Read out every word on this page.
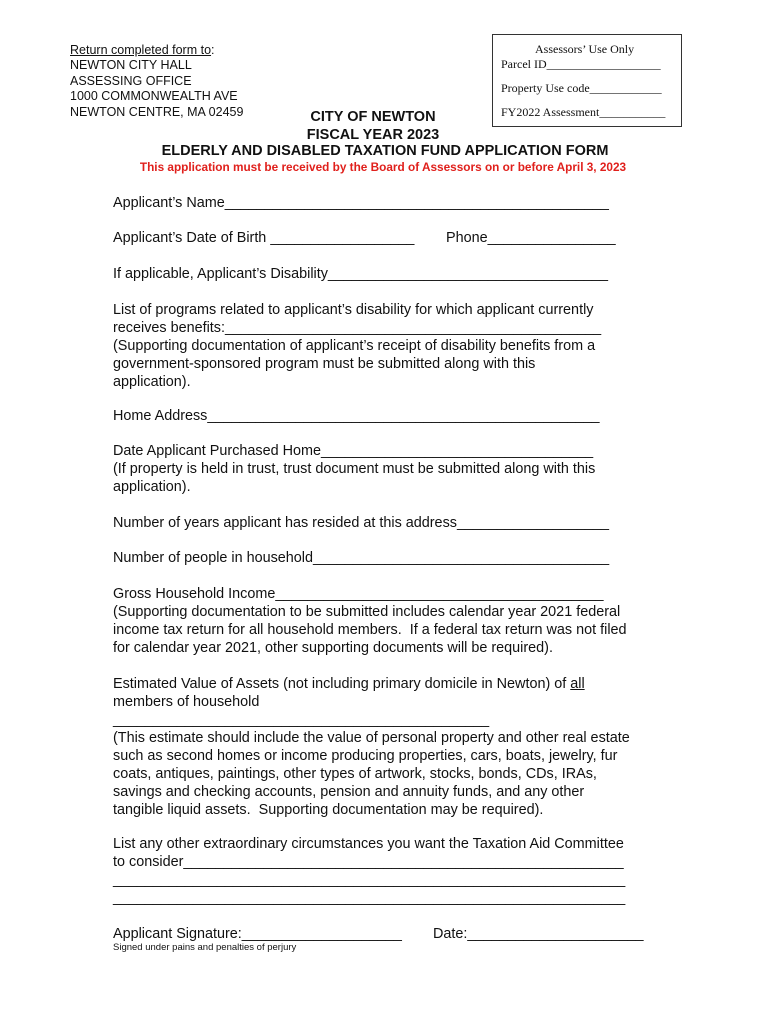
Return completed form to:
NEWTON CITY HALL
ASSESSING OFFICE
1000 COMMONWEALTH AVE
NEWTON CENTRE, MA 02459
Assessors’ Use Only
Parcel ID___________________
Property Use code____________
FY2022 Assessment___________
CITY OF NEWTON
FISCAL YEAR 2023
ELDERLY AND DISABLED TAXATION FUND APPLICATION FORM
This application must be received by the Board of Assessors on or before April 3, 2023
Applicant’s Name________________________________________________
Applicant’s Date of Birth __________________ Phone________________
If applicable, Applicant’s Disability___________________________________
List of programs related to applicant’s disability for which applicant currently
receives benefits:_______________________________________________
(Supporting documentation of applicant’s receipt of disability benefits from a
government-sponsored program must be submitted along with this
application).
Home Address_________________________________________________
Date Applicant Purchased Home__________________________________
(If property is held in trust, trust document must be submitted along with this
application).
Number of years applicant has resided at this address___________________
Number of people in household_____________________________________
Gross Household Income_________________________________________
(Supporting documentation to be submitted includes calendar year 2021 federal
income tax return for all household members.  If a federal tax return was not filed
for calendar year 2021, other supporting documents will be required).
Estimated Value of Assets (not including primary domicile in Newton) of all
members of household
_______________________________________________
(This estimate should include the value of personal property and other real estate
such as second homes or income producing properties, cars, boats, jewelry, fur
coats, antiques, paintings, other types of artwork, stocks, bonds, CDs, IRAs,
savings and checking accounts, pension and annuity funds, and any other
tangible liquid assets.  Supporting documentation may be required).
List any other extraordinary circumstances you want the Taxation Aid Committee
to consider_______________________________________________________
________________________________________________________________
________________________________________________________________
Applicant Signature:____________________ Date:______________________
Signed under pains and penalties of perjury
